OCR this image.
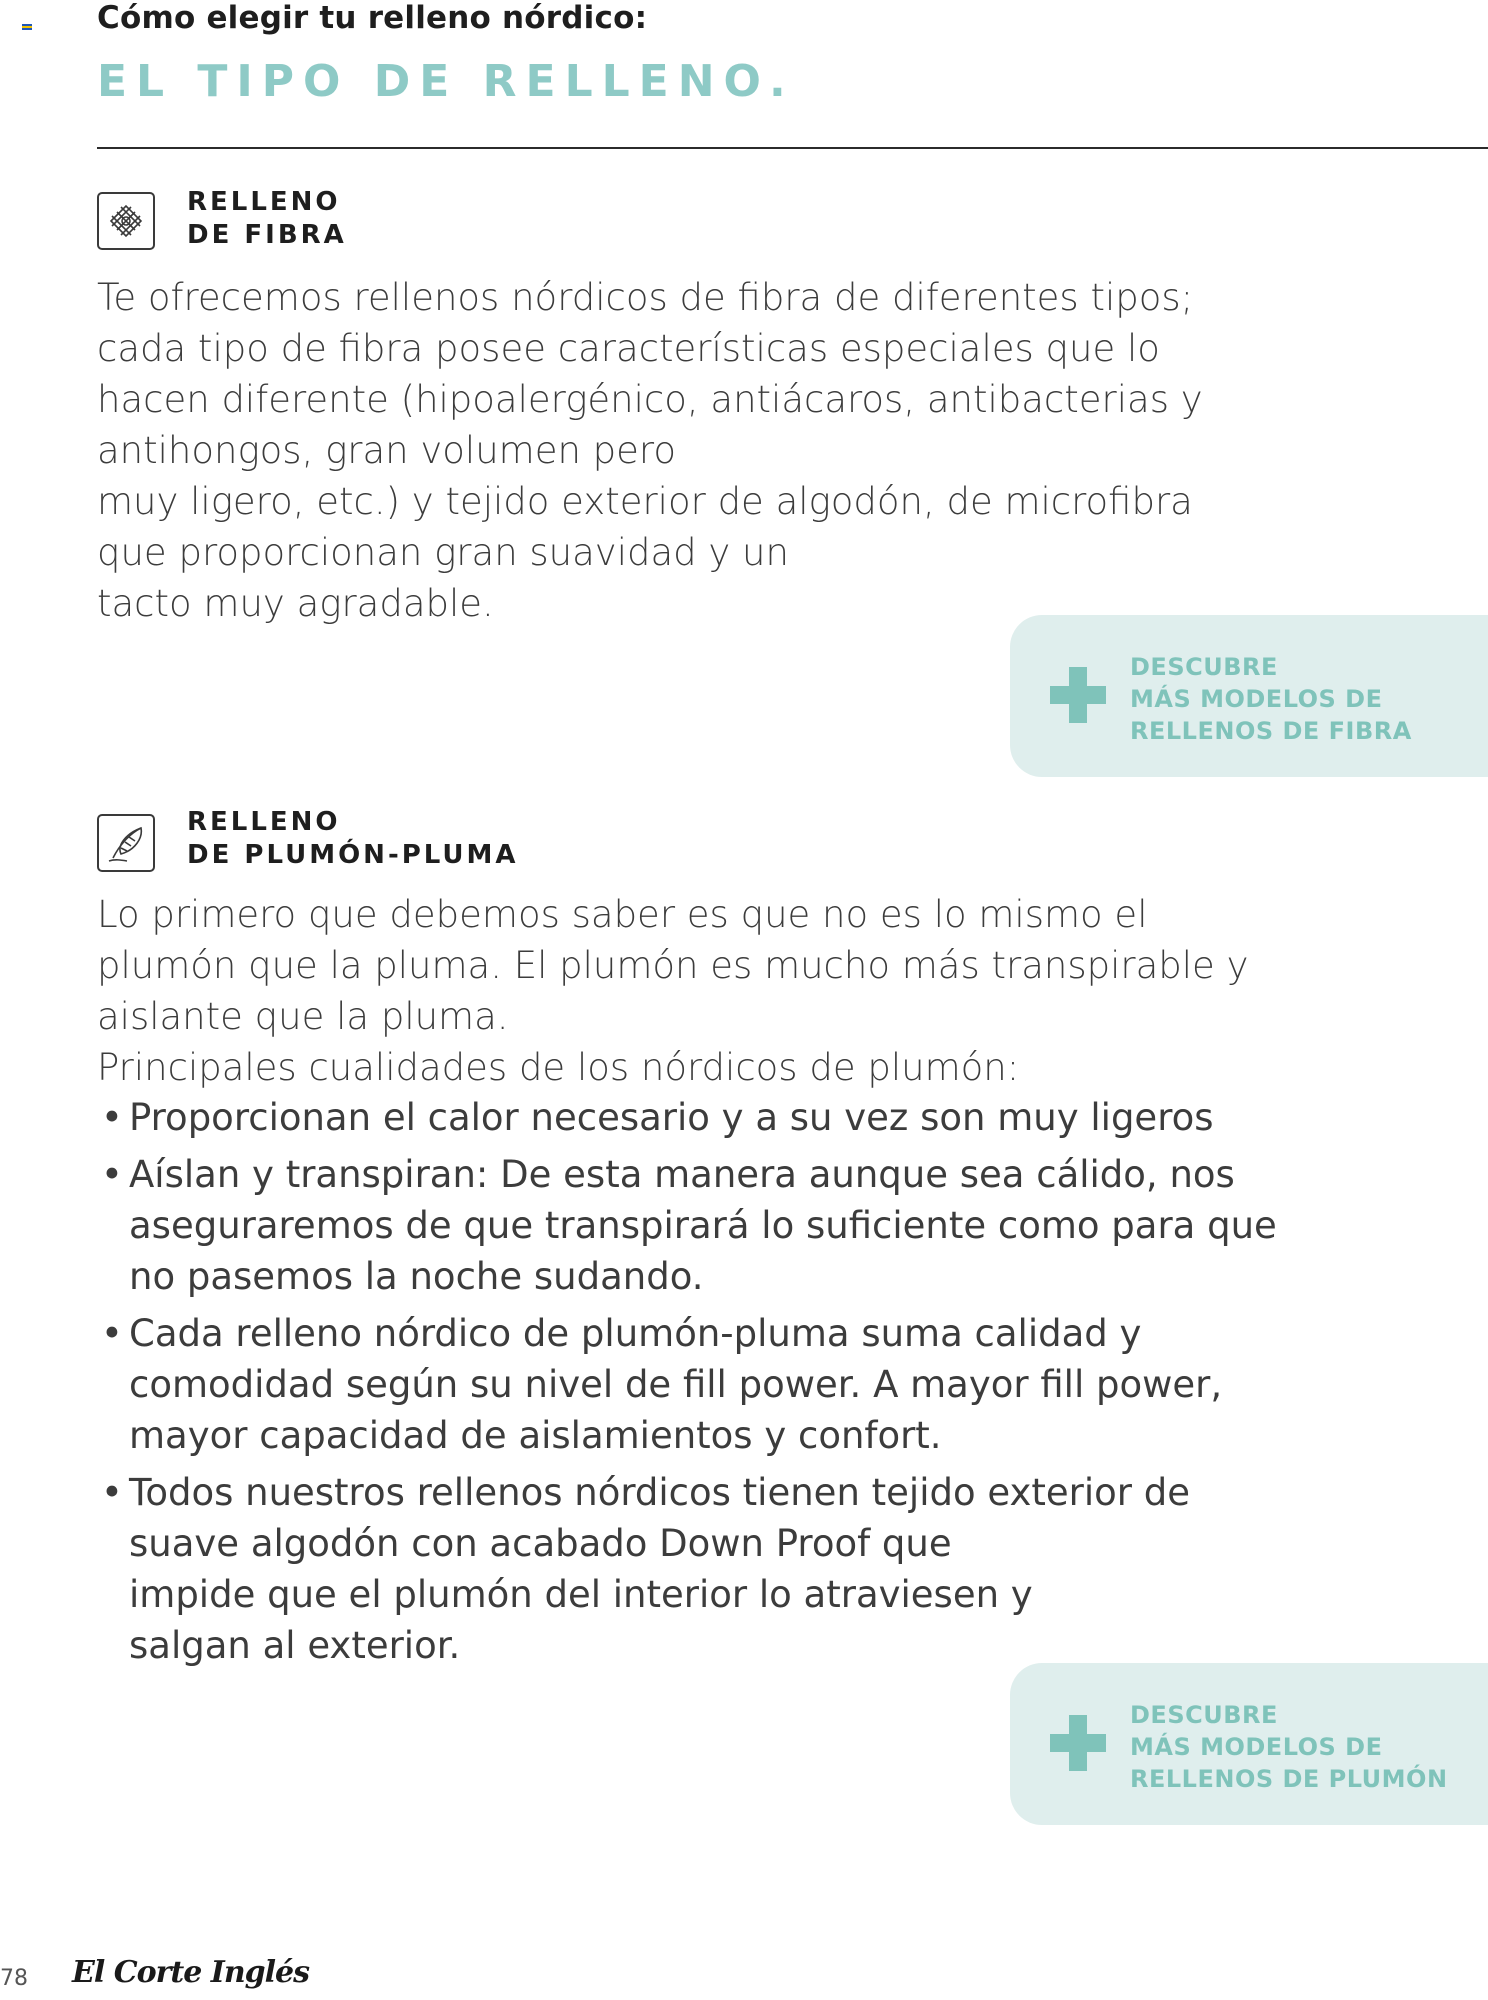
Cómo elegir tu relleno nórdico:
EL TIPO DE RELLENO.
RELLENO
DE FIBRA
Te ofrecemos rellenos nórdicos de fibra de diferentes tipos;
cada tipo de fibra posee características especiales que lo
hacen diferente (hipoalergénico, antiácaros, antibacterias y
antihongos, gran volumen pero
muy ligero, etc.) y tejido exterior de algodón, de microfibra
que proporcionan gran suavidad y un
tacto muy agradable.
DESCUBRE
MÁS MODELOS DE
RELLENOS DE FIBRA
RELLENO
DE PLUMÓN-PLUMA
Lo primero que debemos saber es que no es lo mismo el
plumón que la pluma. El plumón es mucho más transpirable y
aislante que la pluma.
Principales cualidades de los nórdicos de plumón:
• Proporcionan el calor necesario y a su vez son muy ligeros
• Aíslan y transpiran: De esta manera aunque sea cálido, nos
aseguraremos de que transpirará lo suficiente como para que
no pasemos la noche sudando.
• Cada relleno nórdico de plumón-pluma suma calidad y
comodidad según su nivel de fill power. A mayor fill power,
mayor capacidad de aislamientos y confort.
• Todos nuestros rellenos nórdicos tienen tejido exterior de
suave algodón con acabado Down Proof que
impide que el plumón del interior lo atraviesen y
salgan al exterior.
DESCUBRE
MÁS MODELOS DE
RELLENOS DE PLUMÓN
78 El Corte Inglés
